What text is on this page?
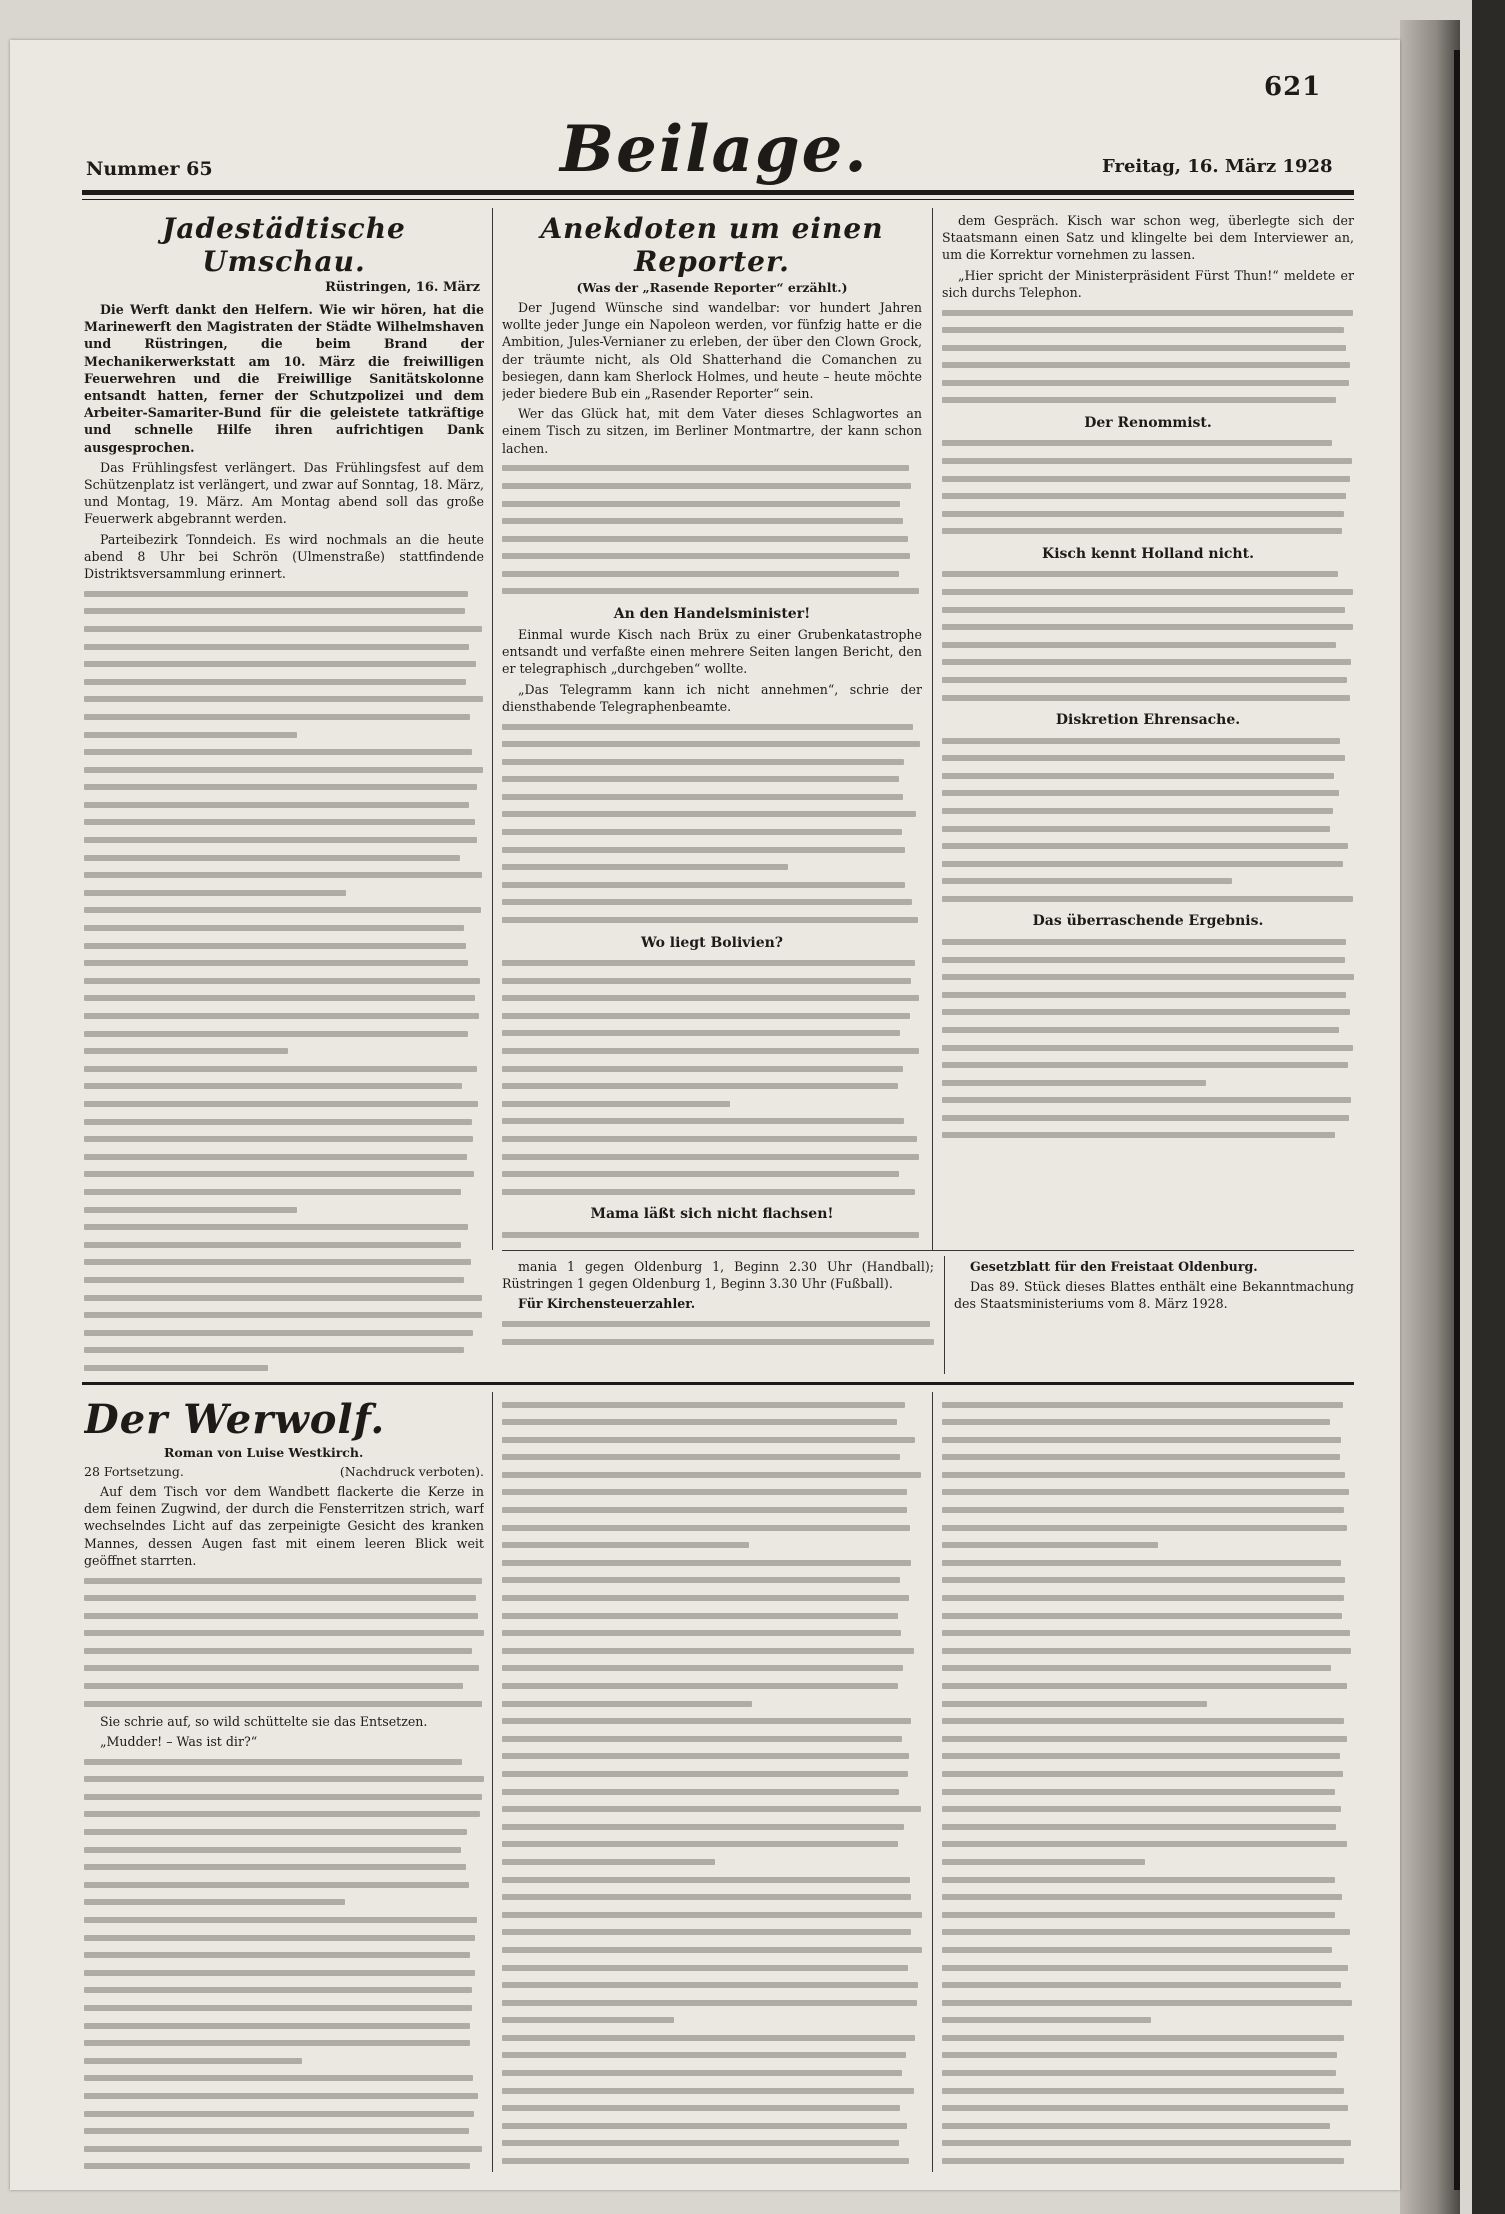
621
Nummer 65	Beilage.	Freitag, 16. März 1928
Jadestädtische Umschau.
Rüstringen, 16. März

Die Werft dankt den Helfern. Wie wir hören, hat die Marinewerft den Magistraten der Städte Wilhelmshaven und Rüstringen, die beim Brand der Mechanikerwerkstatt am 10. März die freiwilligen Feuerwehren und die Freiwillige Sanitätskolonne entsandt hatten, ferner der Schutzpolizei und dem Arbeiter-Samariter-Bund für die geleistete tatkräftige und schnelle Hilfe ihren aufrichtigen Dank ausgesprochen.

Das Frühlingsfest verlängert. Das Frühlingsfest auf dem Schützenplatz ist verlängert, und zwar auf Sonntag, 18. März, und Montag, 19. März. Am Montag abend soll das große Feuerwerk abgebrannt werden.

Parteibezirk Tonndeich. Es wird nochmals an die heute abend 8 Uhr bei Schrön (Ulmenstraße) stattfindende Distriktsversammlung erinnert.

Anekdoten um einen Reporter.
(Was der „Rasende Reporter“ erzählt.)

Der Jugend Wünsche sind wandelbar: vor hundert Jahren wollte jeder Junge ein Napoleon werden, vor fünfzig hatte er die Ambition, Jules-Vernianer zu erleben, der über den Clown Grock, der träumte nicht, als Old Shatterhand die Comanchen zu besiegen, dann kam Sherlock Holmes, und heute – heute möchte jeder biedere Bub ein „Rasender Reporter“ sein.

Wer das Glück hat, mit dem Vater dieses Schlagwortes an einem Tisch zu sitzen, im Berliner Montmartre, der kann schon lachen.

An den Handelsminister!

Einmal wurde Kisch nach Brüx zu einer Grubenkatastrophe entsandt und verfaßte einen mehrere Seiten langen Bericht, den er telegraphisch „durchgeben“ wollte.

„Das Telegramm kann ich nicht annehmen“, schrie der diensthabende Telegraphenbeamte.

Wo liegt Bolivien?
Mama läßt sich nicht flachsen!

dem Gespräch. Kisch war schon weg, überlegte sich der Staatsmann einen Satz und klingelte bei dem Interviewer an, um die Korrektur vornehmen zu lassen.

„Hier spricht der Ministerpräsident Fürst Thun!“ meldete er sich durchs Telephon.

Der Renommist.
Kisch kennt Holland nicht.
Diskretion Ehrensache.
Das überraschende Ergebnis.

mania 1 gegen Oldenburg 1, Beginn 2.30 Uhr (Handball); Rüstringen 1 gegen Oldenburg 1, Beginn 3.30 Uhr (Fußball).

Für Kirchensteuerzahler.

Gesetzblatt für den Freistaat Oldenburg.

Das 89. Stück dieses Blattes enthält eine Bekanntmachung des Staatsministeriums vom 8. März 1928.

Der Werwolf.
Roman von Luise Westkirch.
28 Fortsetzung.	(Nachdruck verboten).

Auf dem Tisch vor dem Wandbett flackerte die Kerze in dem feinen Zugwind, der durch die Fensterritzen strich, warf wechselndes Licht auf das zerpeinigte Gesicht des kranken Mannes, dessen Augen fast mit einem leeren Blick weit geöffnet starrten.

Sie schrie auf, so wild schüttelte sie das Entsetzen.

„Mudder! – Was ist dir?“
